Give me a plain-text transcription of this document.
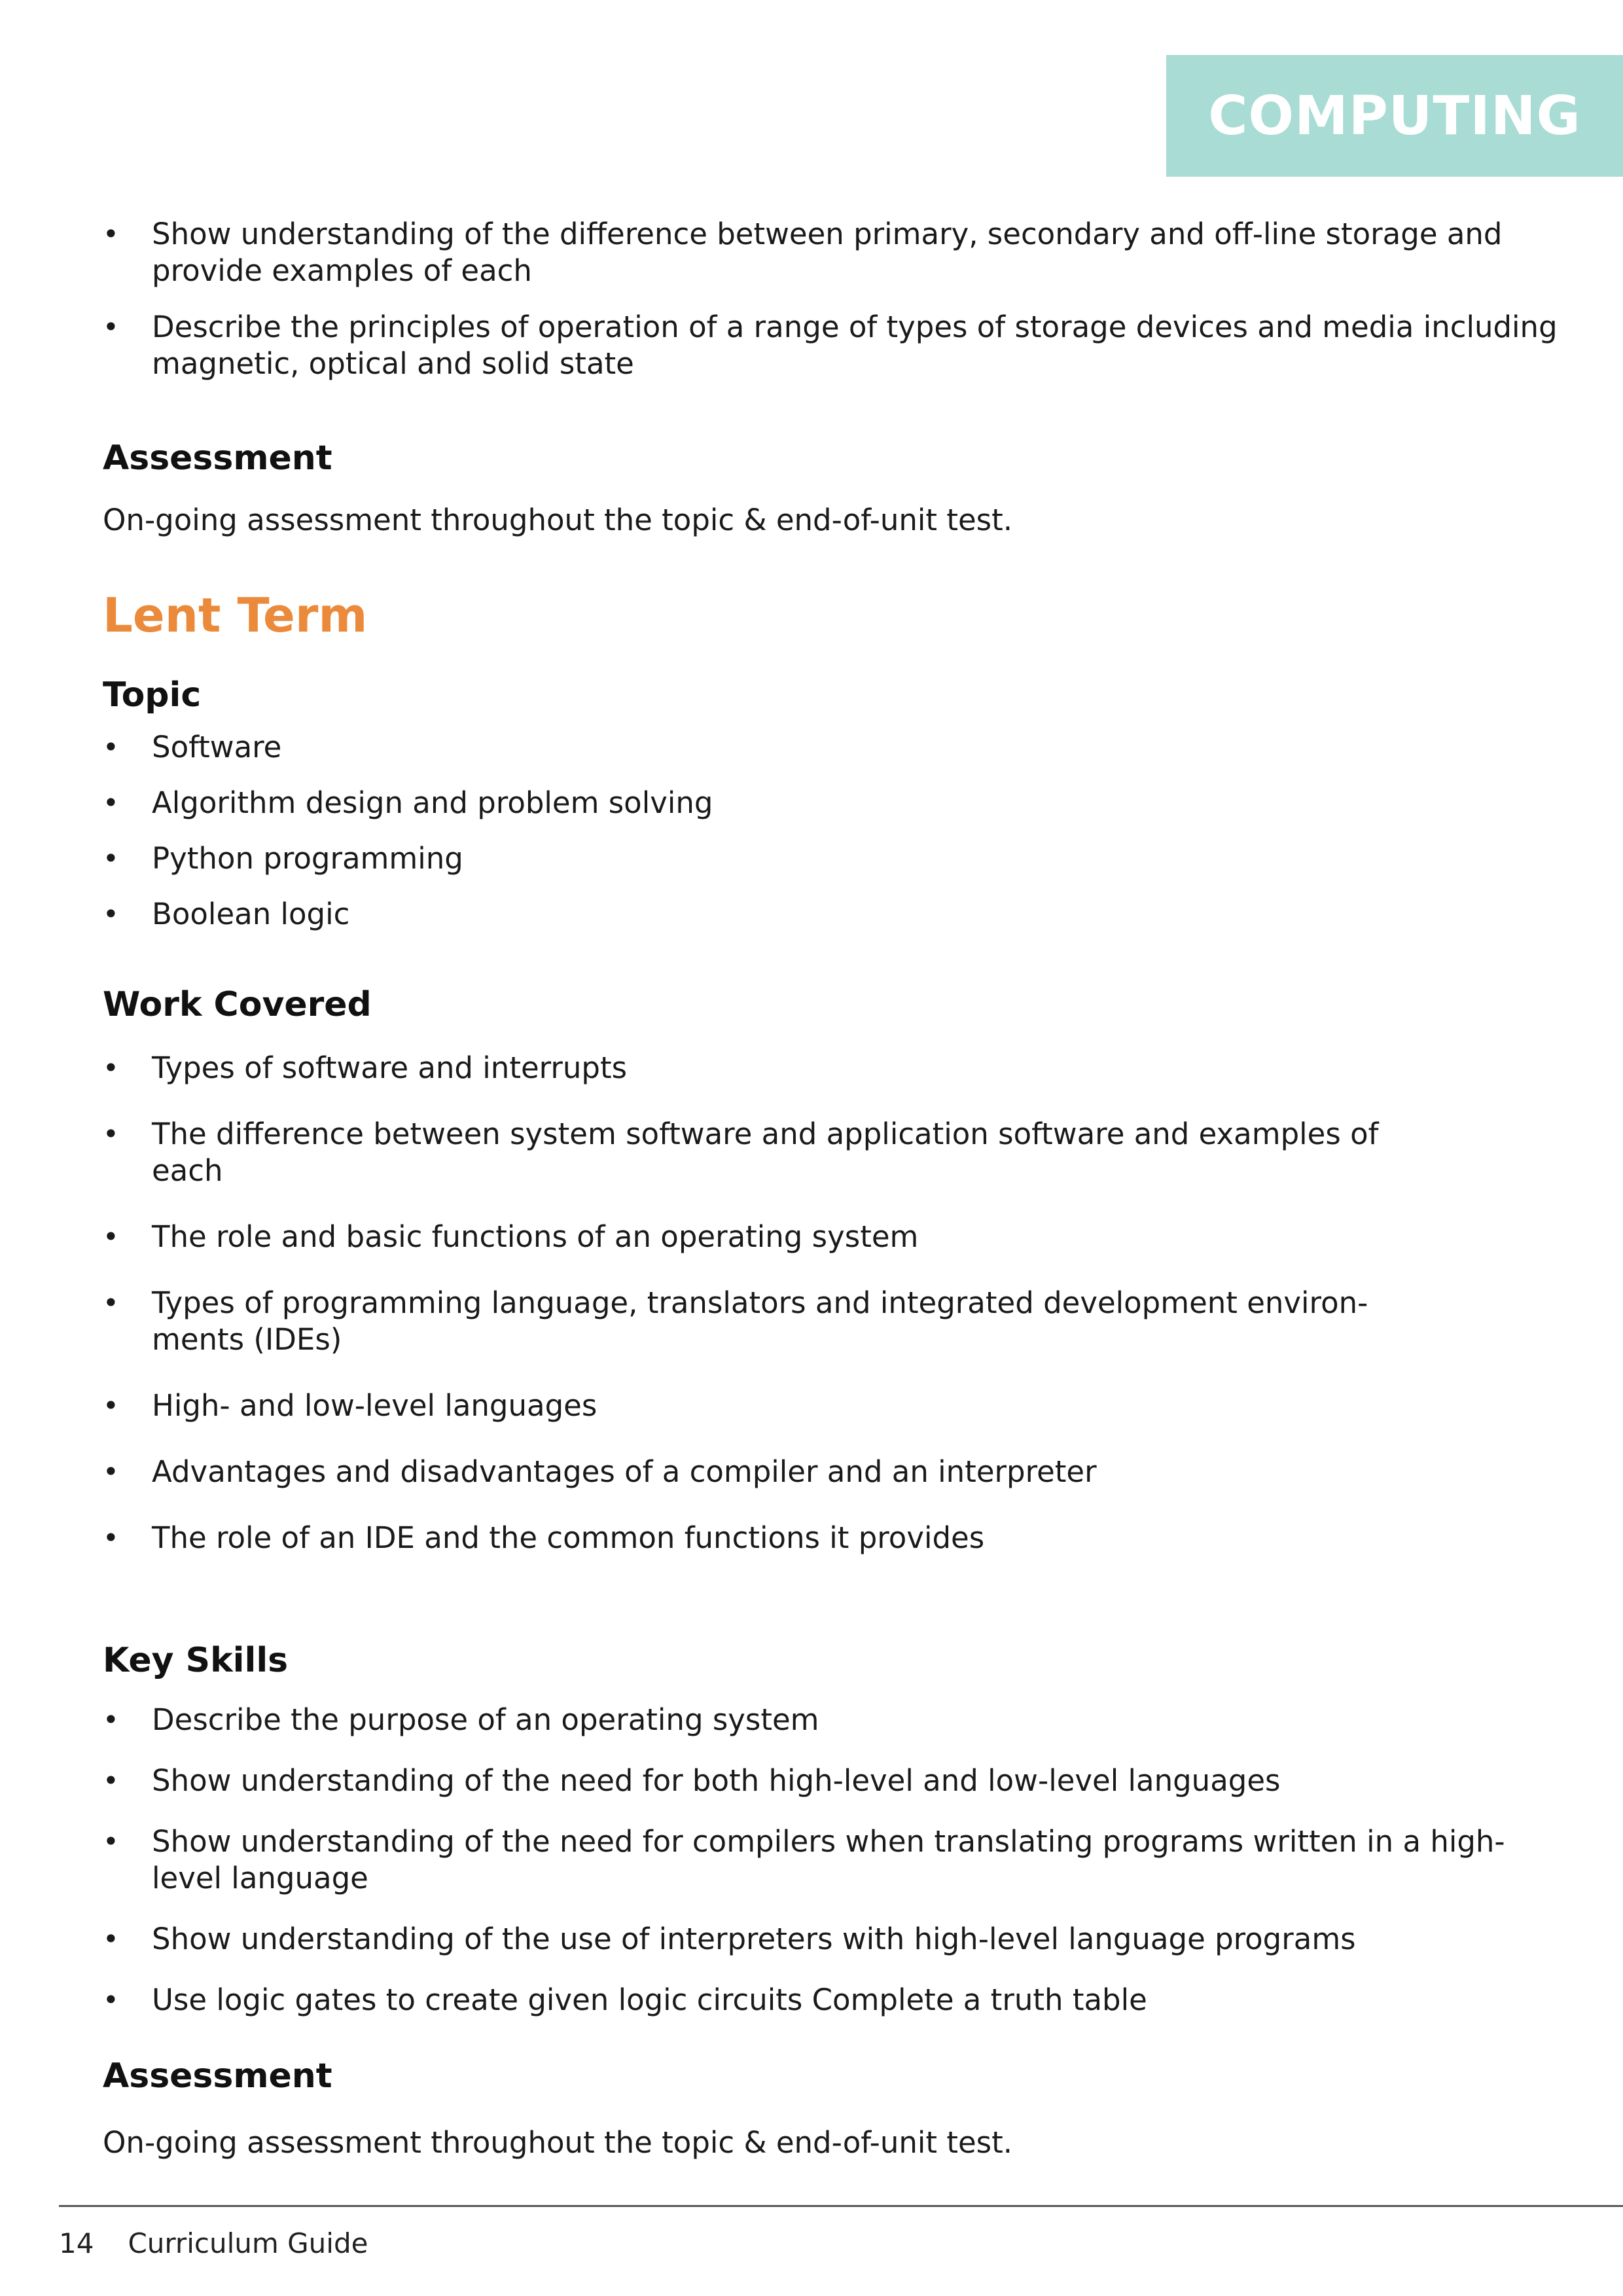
COMPUTING
• Show understanding of the difference between primary, secondary and off-line storage and provide examples of each
• Describe the principles of operation of a range of types of storage devices and media including magnetic, optical and solid state
Assessment

On-going assessment throughout the topic & end-of-unit test.

Lent Term
Topic
• Software
• Algorithm design and problem solving
• Python programming
• Boolean logic
Work Covered
• Types of software and interrupts
• The difference between system software and application software and examples of each
• The role and basic functions of an operating system
• Types of programming language, translators and integrated development environ-ments (IDEs)
• High- and low-level languages
• Advantages and disadvantages of a compiler and an interpreter
• The role of an IDE and the common functions it provides
Key Skills
• Describe the purpose of an operating system
• Show understanding of the need for both high-level and low-level languages
• Show understanding of the need for compilers when translating programs written in a high-level language
• Show understanding of the use of interpreters with high-level language programs
• Use logic gates to create given logic circuits Complete a truth table
Assessment

On-going assessment throughout the topic & end-of-unit test.

14 Curriculum Guide
